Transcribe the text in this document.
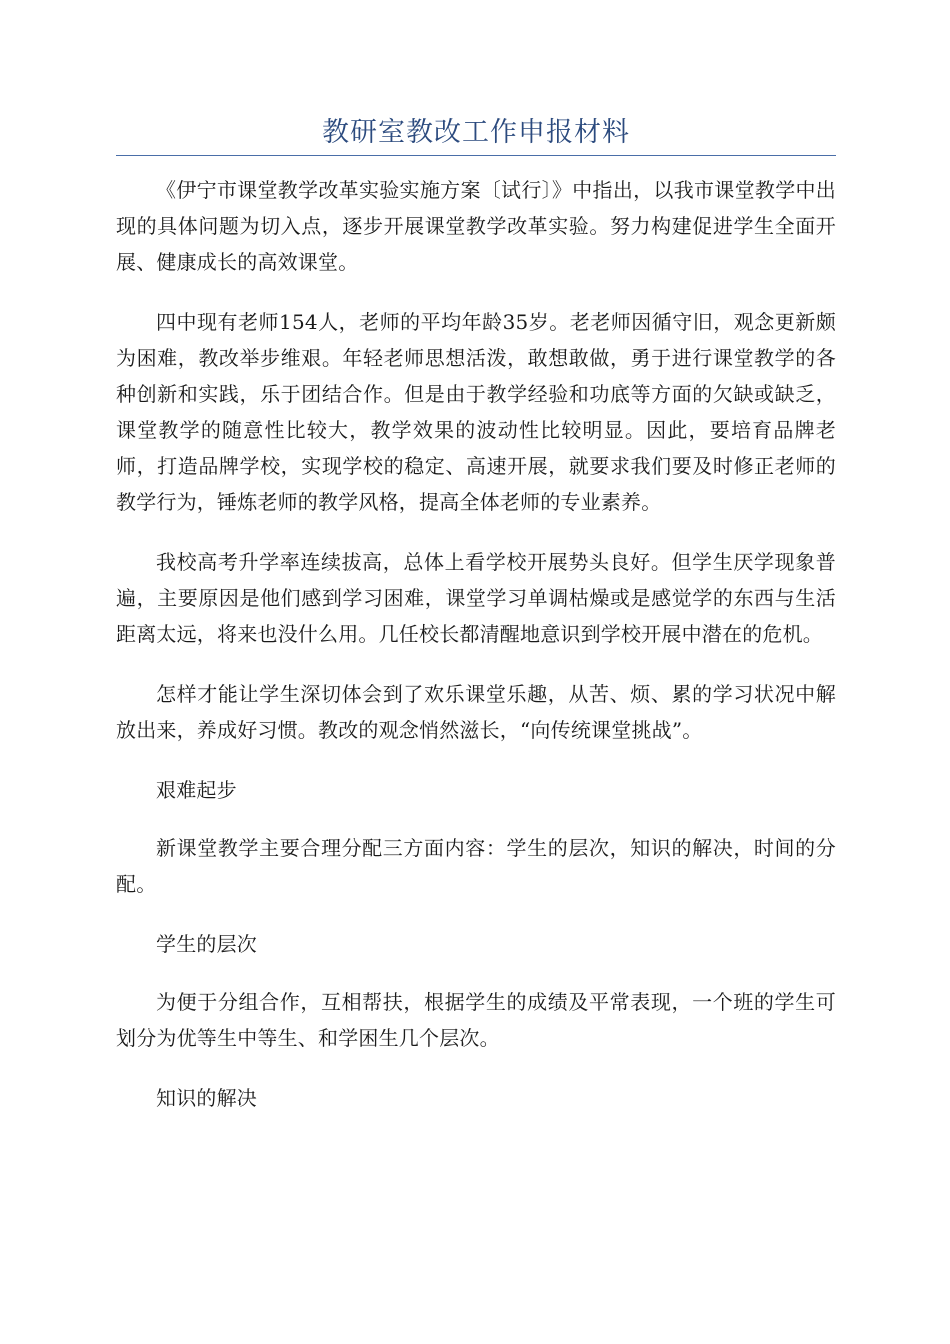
教研室教改工作申报材料

《伊宁市课堂教学改革实验实施方案〔试行〕》中指出，以我市课堂教学中出现的具体问题为切入点，逐步开展课堂教学改革实验。努力构建促进学生全面开展、健康成长的高效课堂。

四中现有老师154人，老师的平均年龄35岁。老老师因循守旧，观念更新颇为困难，教改举步维艰。年轻老师思想活泼，敢想敢做，勇于进行课堂教学的各种创新和实践，乐于团结合作。但是由于教学经验和功底等方面的欠缺或缺乏，课堂教学的随意性比较大，教学效果的波动性比较明显。因此，要培育品牌老师，打造品牌学校，实现学校的稳定、高速开展，就要求我们要及时修正老师的教学行为，锤炼老师的教学风格，提高全体老师的专业素养。

我校高考升学率连续拔高，总体上看学校开展势头良好。但学生厌学现象普遍，主要原因是他们感到学习困难，课堂学习单调枯燥或是感觉学的东西与生活距离太远，将来也没什么用。几任校长都清醒地意识到学校开展中潜在的危机。

怎样才能让学生深切体会到了欢乐课堂乐趣，从苦、烦、累的学习状况中解放出来，养成好习惯。教改的观念悄然滋长，“向传统课堂挑战”。

艰难起步

新课堂教学主要合理分配三方面内容：学生的层次，知识的解决，时间的分配。

学生的层次

为便于分组合作，互相帮扶，根据学生的成绩及平常表现，一个班的学生可划分为优等生中等生、和学困生几个层次。

知识的解决
